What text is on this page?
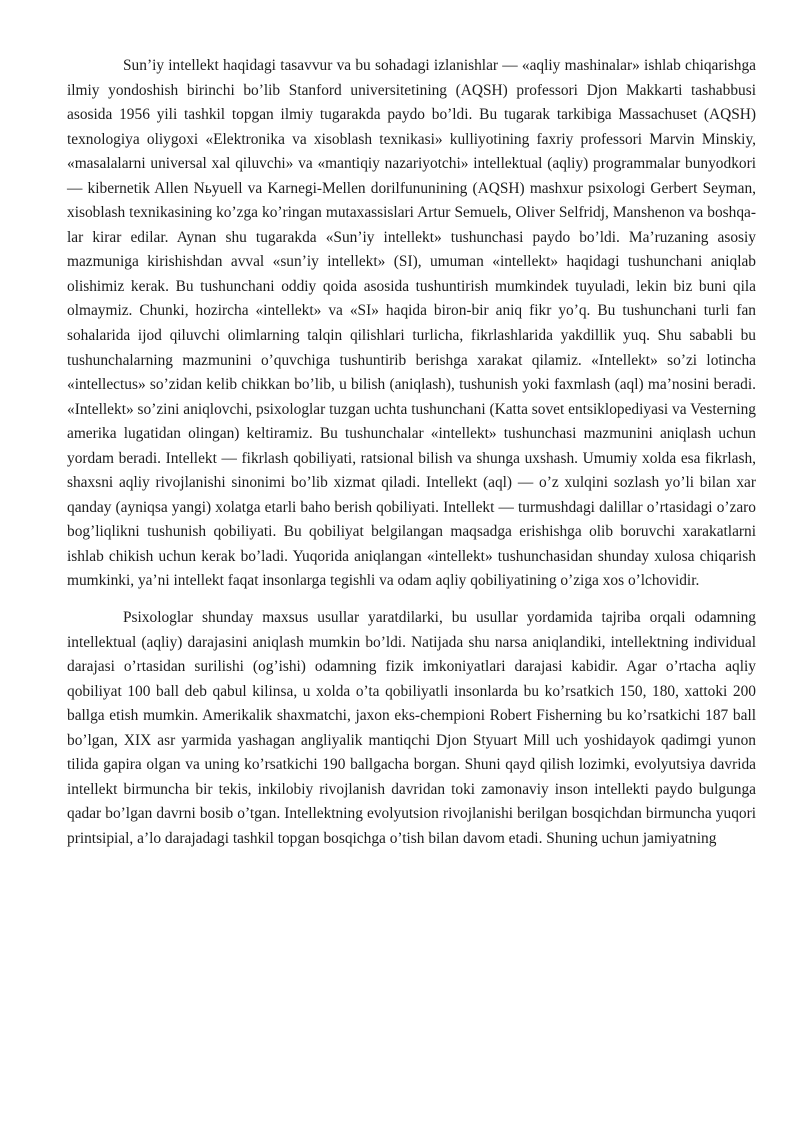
Sun’iy intellekt haqidagi tasavvur va bu sohadagi izlanishlar — «aqliy mashinalar» ishlab chiqarishga ilmiy yondoshish birinchi bo’lib Stanford universitetining (AQSH) professori Djon Makkarti tashabbusi asosida 1956 yili tashkil topgan ilmiy tugarakda paydo bo’ldi. Bu tugarak tarkibiga Massachuset (AQSH) texnologiya oliygoxi «Elektronika va xisoblash texnikasi» kulliyotining faxriy professori Marvin Minskiy, «masalalarni universal xal qiluvchi» va «mantiqiy nazariyotchi» intellektual (aqliy) programmalar bunyodkori — kibernetik Allen Nьyuell va Karnegi-Mellen dorilfununining (AQSH) mashxur psixologi Gerbert Seyman, xisoblash texnikasining ko’zga ko’ringan mutaxassislari Artur Semuelь, Oliver Selfridj, Manshenon va boshqa- lar kirar edilar. Aynan shu tugarakda «Sun’iy intellekt» tushunchasi paydo bo’ldi. Ma’ruzaning asosiy mazmuniga kirishishdan avval «sun’iy intellekt» (SI), umuman «intellekt» haqidagi tushunchani aniqlab olishimiz kerak. Bu tushunchani oddiy qoida asosida tushuntirish mumkindek tuyuladi, lekin biz buni qila olmaymiz. Chunki, hozircha «intellekt» va «SI» haqida biron-bir aniq fikr yo’q. Bu tushunchani turli fan sohalarida ijod qiluvchi olimlarning talqin qilishlari turlicha, fikrlashlarida yakdillik yuq. Shu sababli bu tushunchalarning mazmunini o’quvchiga tushuntirib berishga xarakat qilamiz. «Intellekt» so’zi lotincha «intellectus» so’zidan kelib chikkan bo’lib, u bilish (aniqlash), tushunish yoki faxmlash (aql) ma’nosini beradi. «Intellekt» so’zini aniqlovchi, psixologlar tuzgan uchta tushunchani (Katta sovet entsiklopediyasi va Vesterning amerika lugatidan olingan) keltiramiz. Bu tushunchalar «intellekt» tushunchasi mazmunini aniqlash uchun yordam beradi. Intellekt — fikrlash qobiliyati, ratsional bilish va shunga uxshash. Umumiy xolda esa fikrlash, shaxsni aqliy rivojlanishi sinonimi bo’lib xizmat qiladi. Intellekt (aql) — o’z xulqini sozlash yo’li bilan xar qanday (ayniqsa yangi) xolatga etarli baho berish qobiliyati. Intellekt — turmushdagi dalillar o’rtasidagi o’zaro bog’liqlikni tushunish qobiliyati. Bu qobiliyat belgilangan maqsadga erishishga olib boruvchi xarakatlarni ishlab chikish uchun kerak bo’ladi. Yuqorida aniqlangan «intellekt» tushunchasidan shunday xulosa chiqarish mumkinki, ya’ni intellekt faqat insonlarga tegishli va odam aqliy qobiliyatining o’ziga xos o’lchovidir.

Psixologlar shunday maxsus usullar yaratdilarki, bu usullar yordamida tajriba orqali odamning intellektual (aqliy) darajasini aniqlash mumkin bo’ldi. Natijada shu narsa aniqlandiki, intellektning individual darajasi o’rtasidan surilishi (og’ishi) odamning fizik imkoniyatlari darajasi kabidir. Agar o’rtacha aqliy qobiliyat 100 ball deb qabul kilinsa, u xolda o’ta qobiliyatli insonlarda bu ko’rsatkich 150, 180, xattoki 200 ballga etish mumkin. Amerikalik shaxmatchi, jaxon eks-chempioni Robert Fisherning bu ko’rsatkichi 187 ball bo’lgan, XIX asr yarmida yashagan angliyalik mantiqchi Djon Styuart Mill uch yoshidayok qadimgi yunon tilida gapira olgan va uning ko’rsatkichi 190 ballgacha borgan. Shuni qayd qilish lozimki, evolyutsiya davrida intellekt birmuncha bir tekis, inkilobiy rivojlanish davridan toki zamonaviy inson intellekti paydo bulgunga qadar bo’lgan davrni bosib o’tgan. Intellektning evolyutsion rivojlanishi berilgan bosqichdan birmuncha yuqori printsipial, a’lo darajadagi tashkil topgan bosqichga o’tish bilan davom etadi. Shuning uchun jamiyatning
